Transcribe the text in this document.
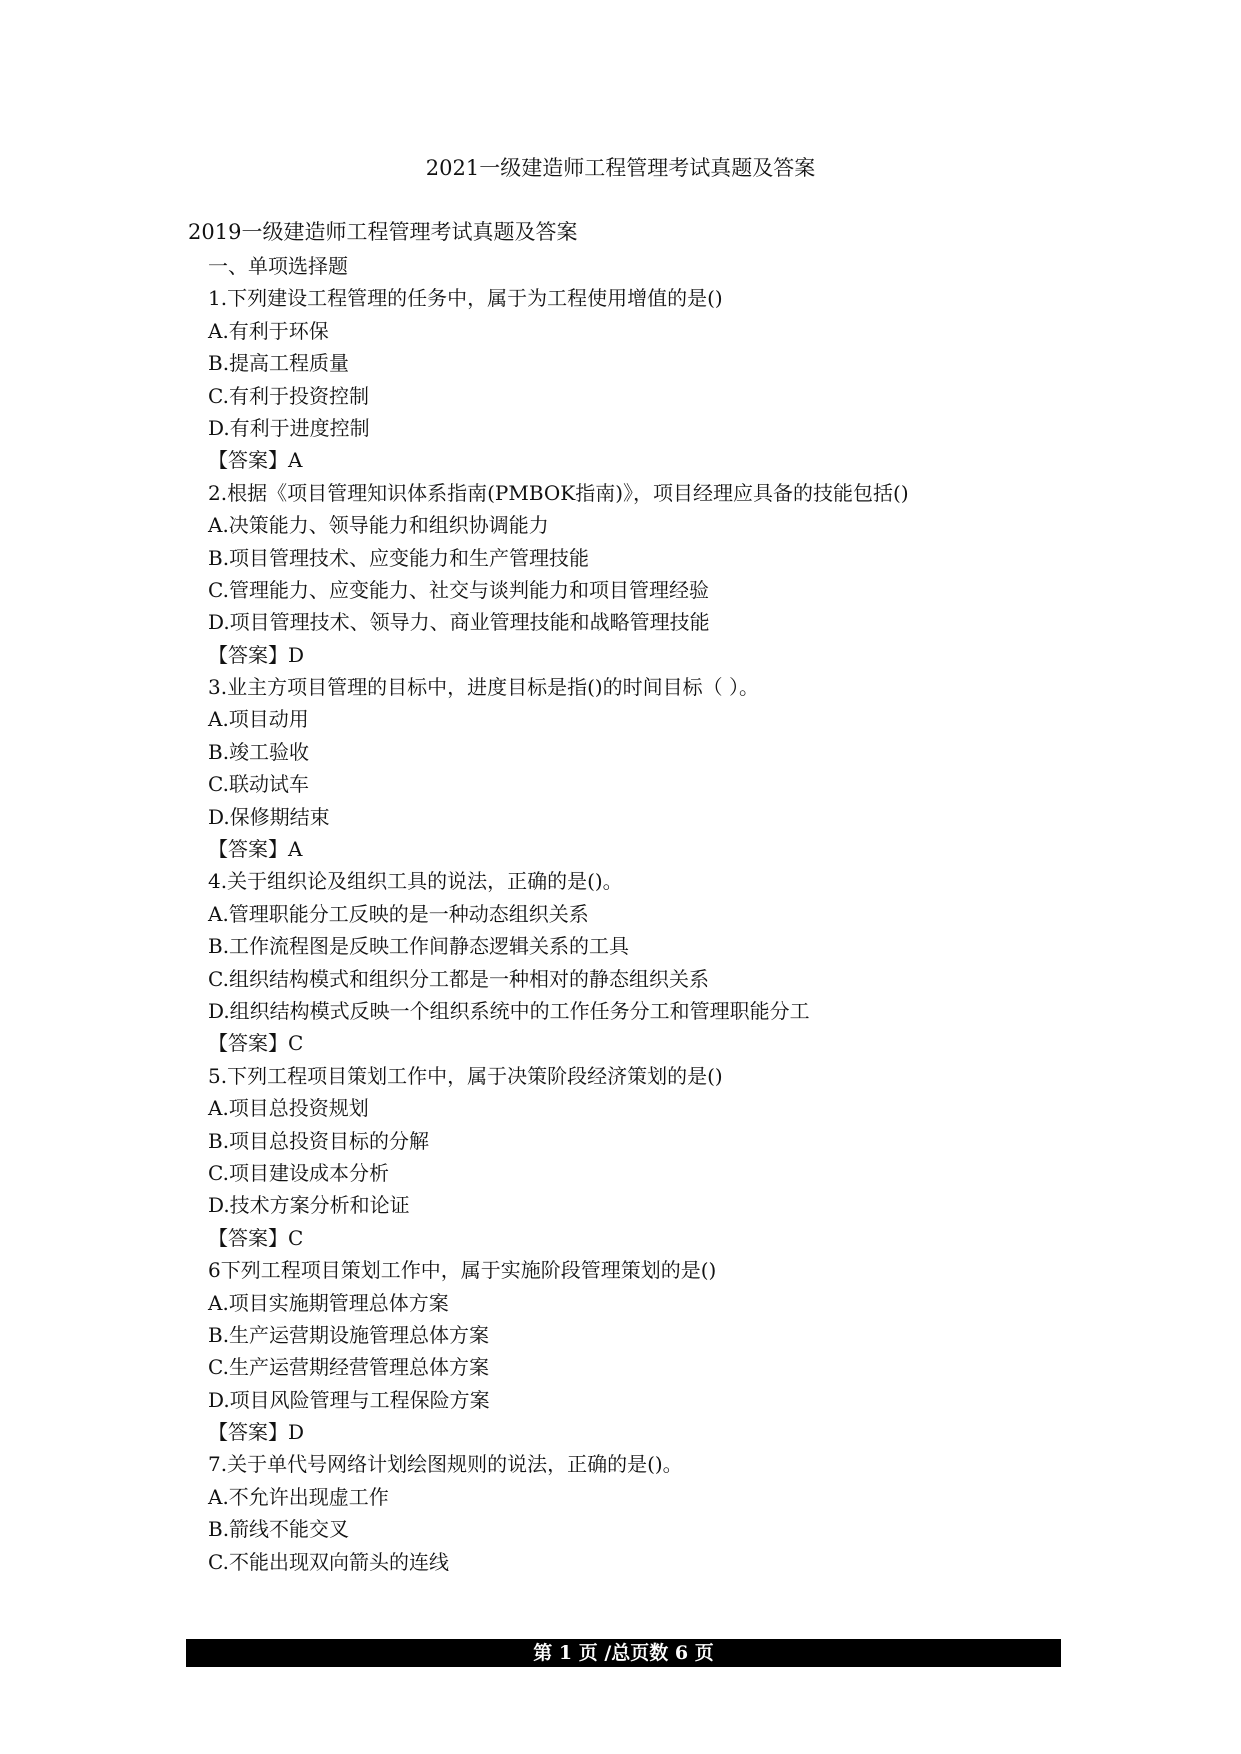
2021一级建造师工程管理考试真题及答案
2019一级建造师工程管理考试真题及答案
一、单项选择题
1.下列建设工程管理的任务中，属于为工程使用增值的是()
A.有利于环保
B.提高工程质量
C.有利于投资控制
D.有利于进度控制
【答案】A
2.根据《项目管理知识体系指南(PMBOK指南)》，项目经理应具备的技能包括()
A.决策能力、领导能力和组织协调能力
B.项目管理技术、应变能力和生产管理技能
C.管理能力、应变能力、社交与谈判能力和项目管理经验
D.项目管理技术、领导力、商业管理技能和战略管理技能
【答案】D
3.业主方项目管理的目标中，进度目标是指()的时间目标（ ）。
A.项目动用
B.竣工验收
C.联动试车
D.保修期结束
【答案】A
4.关于组织论及组织工具的说法，正确的是()。
A.管理职能分工反映的是一种动态组织关系
B.工作流程图是反映工作间静态逻辑关系的工具
C.组织结构模式和组织分工都是一种相对的静态组织关系
D.组织结构模式反映一个组织系统中的工作任务分工和管理职能分工
【答案】C
5.下列工程项目策划工作中，属于决策阶段经济策划的是()
A.项目总投资规划
B.项目总投资目标的分解
C.项目建设成本分析
D.技术方案分析和论证
【答案】C
6下列工程项目策划工作中，属于实施阶段管理策划的是()
A.项目实施期管理总体方案
B.生产运营期设施管理总体方案
C.生产运营期经营管理总体方案
D.项目风险管理与工程保险方案
【答案】D
7.关于单代号网络计划绘图规则的说法，正确的是()。
A.不允许出现虚工作
B.箭线不能交叉
C.不能出现双向箭头的连线
第 1 页 /总页数 6 页
